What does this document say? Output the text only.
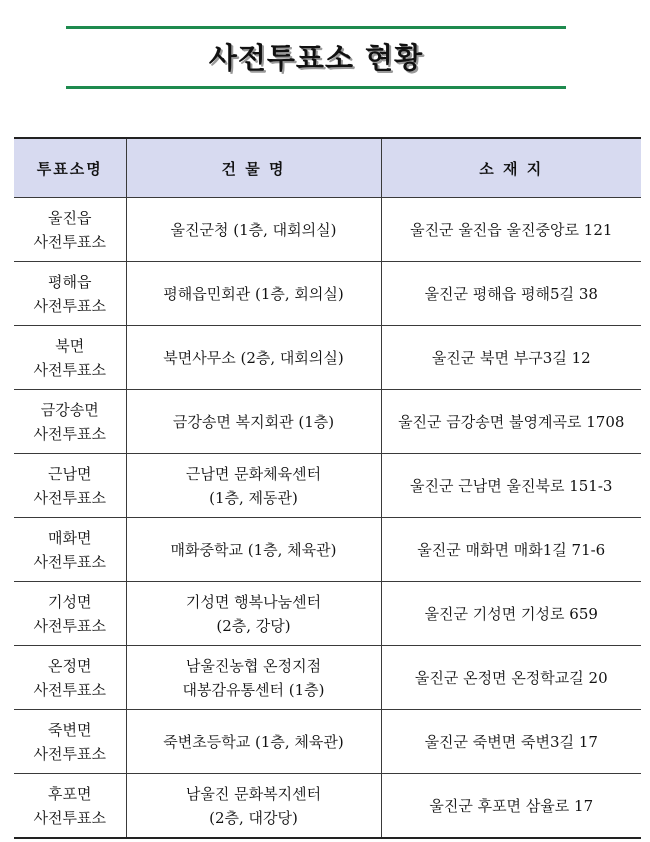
사전투표소 현황
투표소명	건 물 명	소 재 지

울진읍
사전투표소	울진군청 (1층, 대회의실)	울진군 울진읍 울진중앙로 121

평해읍
사전투표소	평해읍민회관 (1층, 회의실)	울진군 평해읍 평해5길 38

북면
사전투표소	북면사무소 (2층, 대회의실)	울진군 북면 부구3길 12

금강송면
사전투표소	금강송면 복지회관 (1층)	울진군 금강송면 불영계곡로 1708

근남면
사전투표소	근남면 문화체육센터
(1층, 제동관)	울진군 근남면 울진북로 151-3

매화면
사전투표소	매화중학교 (1층, 체육관)	울진군 매화면 매화1길 71-6

기성면
사전투표소	기성면 행복나눔센터
(2층, 강당)	울진군 기성면 기성로 659

온정면
사전투표소	남울진농협 온정지점
대봉감유통센터 (1층)	울진군 온정면 온정학교길 20

죽변면
사전투표소	죽변초등학교 (1층, 체육관)	울진군 죽변면 죽변3길 17

후포면
사전투표소	남울진 문화복지센터
(2층, 대강당)	울진군 후포면 삼율로 17
